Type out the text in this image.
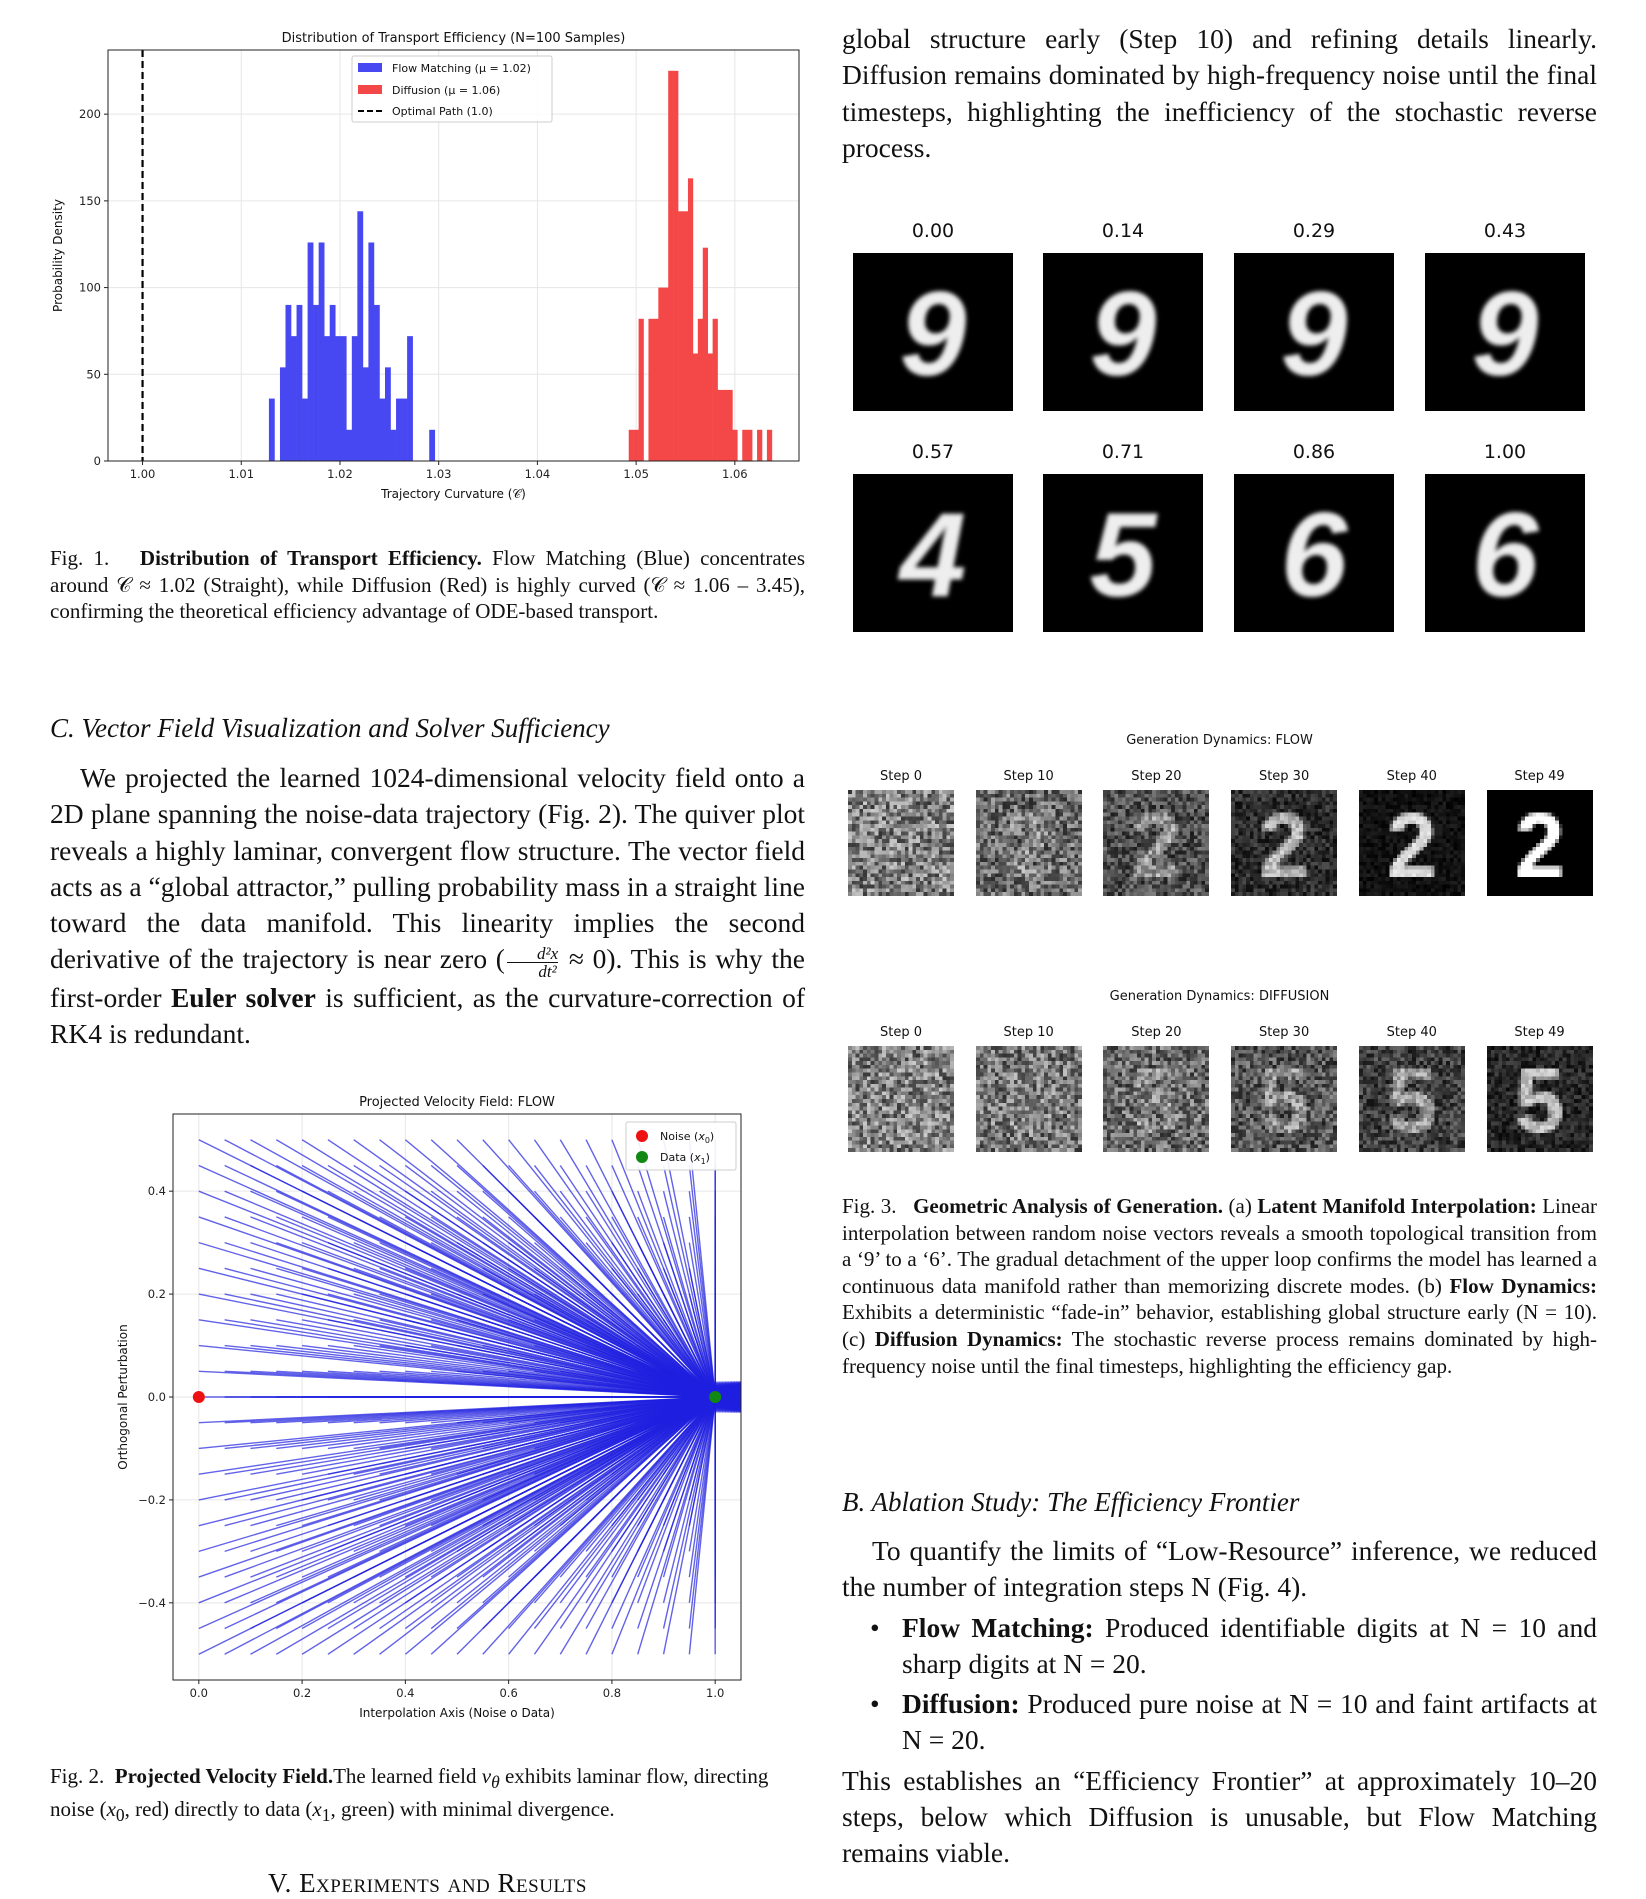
1.00	1.01	1.02	1.03	1.04	1.05	1.06
0
50
100
150
200
Distribution of Transport Efficiency (N=100 Samples)
Trajectory Curvature (𝒞)
Probability Density
Flow Matching (μ = 1.02)
Diffusion (μ = 1.06)
Optimal Path (1.0)
Fig. 1. Distribution of Transport Efficiency. Flow Matching (Blue) concentrates around 𝒞 ≈ 1.02 (Straight), while Diffusion (Red) is highly curved (𝒞 ≈ 1.06 – 3.45), confirming the theoretical efficiency advantage of ODE-based transport.
C. Vector Field Visualization and Solver Sufficiency
We projected the learned 1024-dimensional velocity field onto a 2D plane spanning the noise-data trajectory (Fig. 2). The quiver plot reveals a highly laminar, convergent flow structure. The vector field acts as a “global attractor,” pulling probability mass in a straight line toward the data manifold. This linearity implies the second derivative of the trajectory is near zero ( $\frac{\text{d²x}}{\text{dt²}} \approx 0$). This is why the first-order Euler solver is sufficient, as the curvature-correction of RK4 is redundant.
0.0	0.2	0.4	0.6	0.8	1.0
0.4
0.2
0.0
−0.2
−0.4
Projected Velocity Field: FLOW
Interpolation Axis (Noise o Data)
Orthogonal Perturbation
Noise $(x_0)$
Data $(x_1)$
Fig. 2. Projected Velocity Field.The learned field $v_\theta$ exhibits laminar flow, directing noise ($x_0$, red) directly to data ($x_1$, green) with minimal divergence.
V. Experiments and Results
global structure early (Step 10) and refining details linearly. Diffusion remains dominated by high-frequency noise until the final timesteps, highlighting the inefficiency of the stochastic reverse process.
0.00
9
0.14
9
0.29
9
0.43
9
0.57
4
0.71
5
0.86
6
1.00
6
Generation Dynamics: FLOW
Step 0	Step 10	Step 20	Step 30	Step 40	Step 49
Generation Dynamics: DIFFUSION
Step 0	Step 10	Step 20	Step 30	Step 40	Step 49
Fig. 3. Geometric Analysis of Generation. (a) Latent Manifold Interpolation: Linear interpolation between random noise vectors reveals a smooth topological transition from a ‘9’ to a ‘6’. The gradual detachment of the upper loop confirms the model has learned a continuous data manifold rather than memorizing discrete modes. (b) Flow Dynamics: Exhibits a deterministic “fade-in” behavior, establishing global structure early (N = 10). (c) Diffusion Dynamics: The stochastic reverse process remains dominated by high-frequency noise until the final timesteps, highlighting the efficiency gap.
B. Ablation Study: The Efficiency Frontier
To quantify the limits of “Low-Resource” inference, we reduced the number of integration steps N (Fig. 4).
• Flow Matching: Produced identifiable digits at N = 10 and sharp digits at N = 20.
• Diffusion: Produced pure noise at N = 10 and faint artifacts at N = 20.
This establishes an “Efficiency Frontier” at approximately 10–20 steps, below which Diffusion is unusable, but Flow Matching remains viable.
